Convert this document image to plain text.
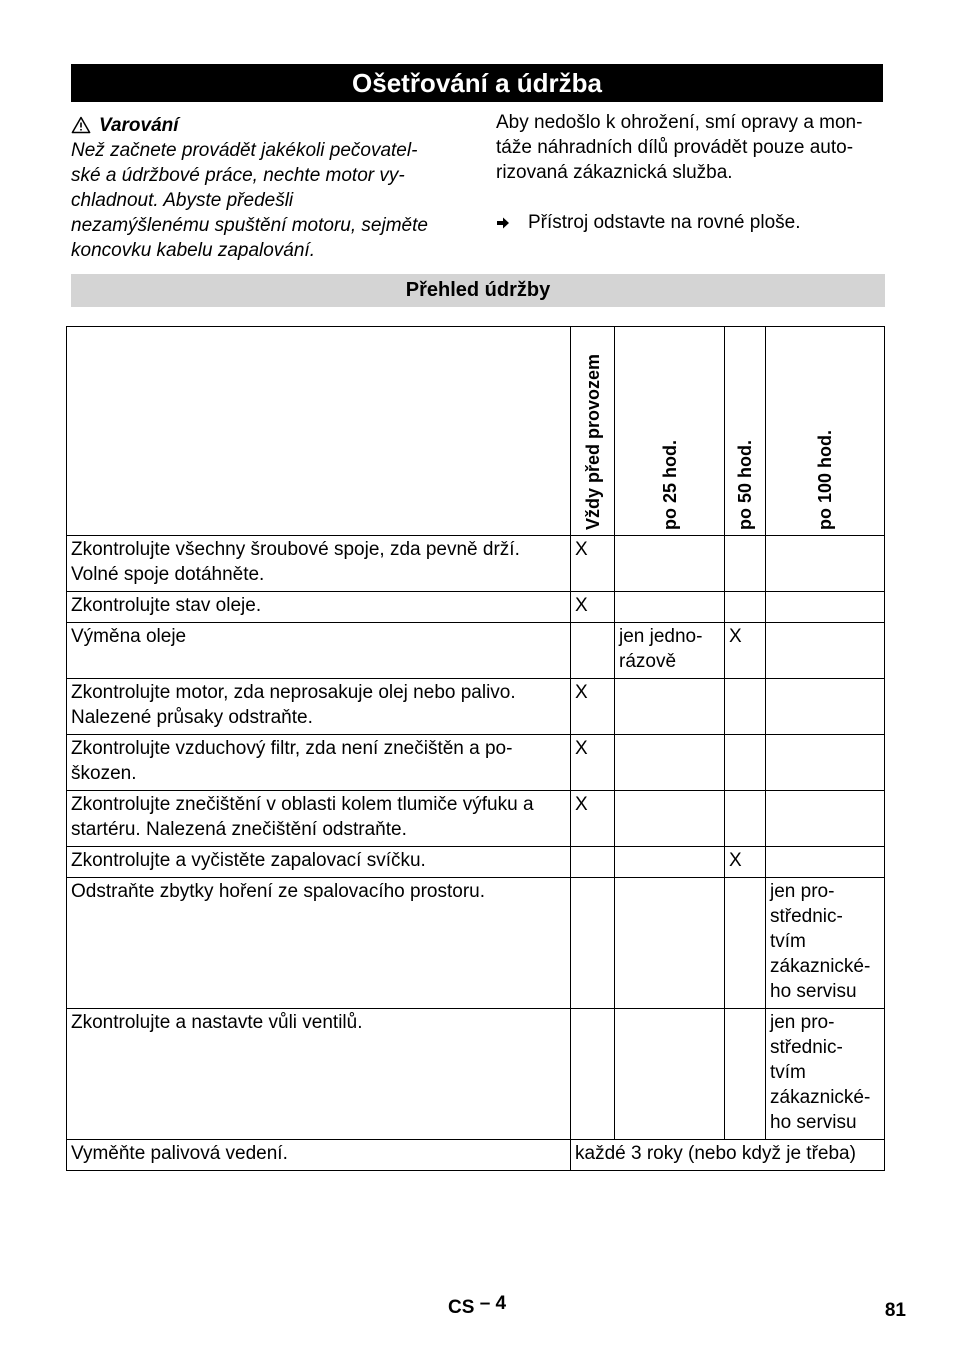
Ošetřování a údržba
Varování
Než začnete provádět jakékoli pečovatel-
ské a údržbové práce, nechte motor vy-
chladnout. Abyste předešli
nezamýšlenému spuštění motoru, sejměte
koncovku kabelu zapalování.
Aby nedošlo k ohrožení, smí opravy a mon-
táže náhradních dílů provádět pouze auto-
rizovaná zákaznická služba.
Přístroj odstavte na rovné ploše.
Přehled údržby

	Vždy před provozem	po 25 hod.	po 50 hod.	po 100 hod.

Zkontrolujte všechny šroubové spoje, zda pevně drží.
Volné spoje dotáhněte.	X			

Zkontrolujte stav oleje.	X			

Výměna oleje		jen jedno-
rázově	X	

Zkontrolujte motor, zda neprosakuje olej nebo palivo.
Nalezené průsaky odstraňte.	X			

Zkontrolujte vzduchový filtr, zda není znečištěn a po-
škozen.	X			

Zkontrolujte znečištění v oblasti kolem tlumiče výfuku a
startéru. Nalezená znečištění odstraňte.	X			

Zkontrolujte a vyčistěte zapalovací svíčku.			X	

Odstraňte zbytky hoření ze spalovacího prostoru.				jen pro-
střednic-
tvím
zákaznické-
ho servisu

Zkontrolujte a nastavte vůli ventilů.				jen pro-
střednic-
tvím
zákaznické-
ho servisu

Vyměňte palivová vedení.	každé 3 roky (nebo když je třeba)			
CS – 4	81
